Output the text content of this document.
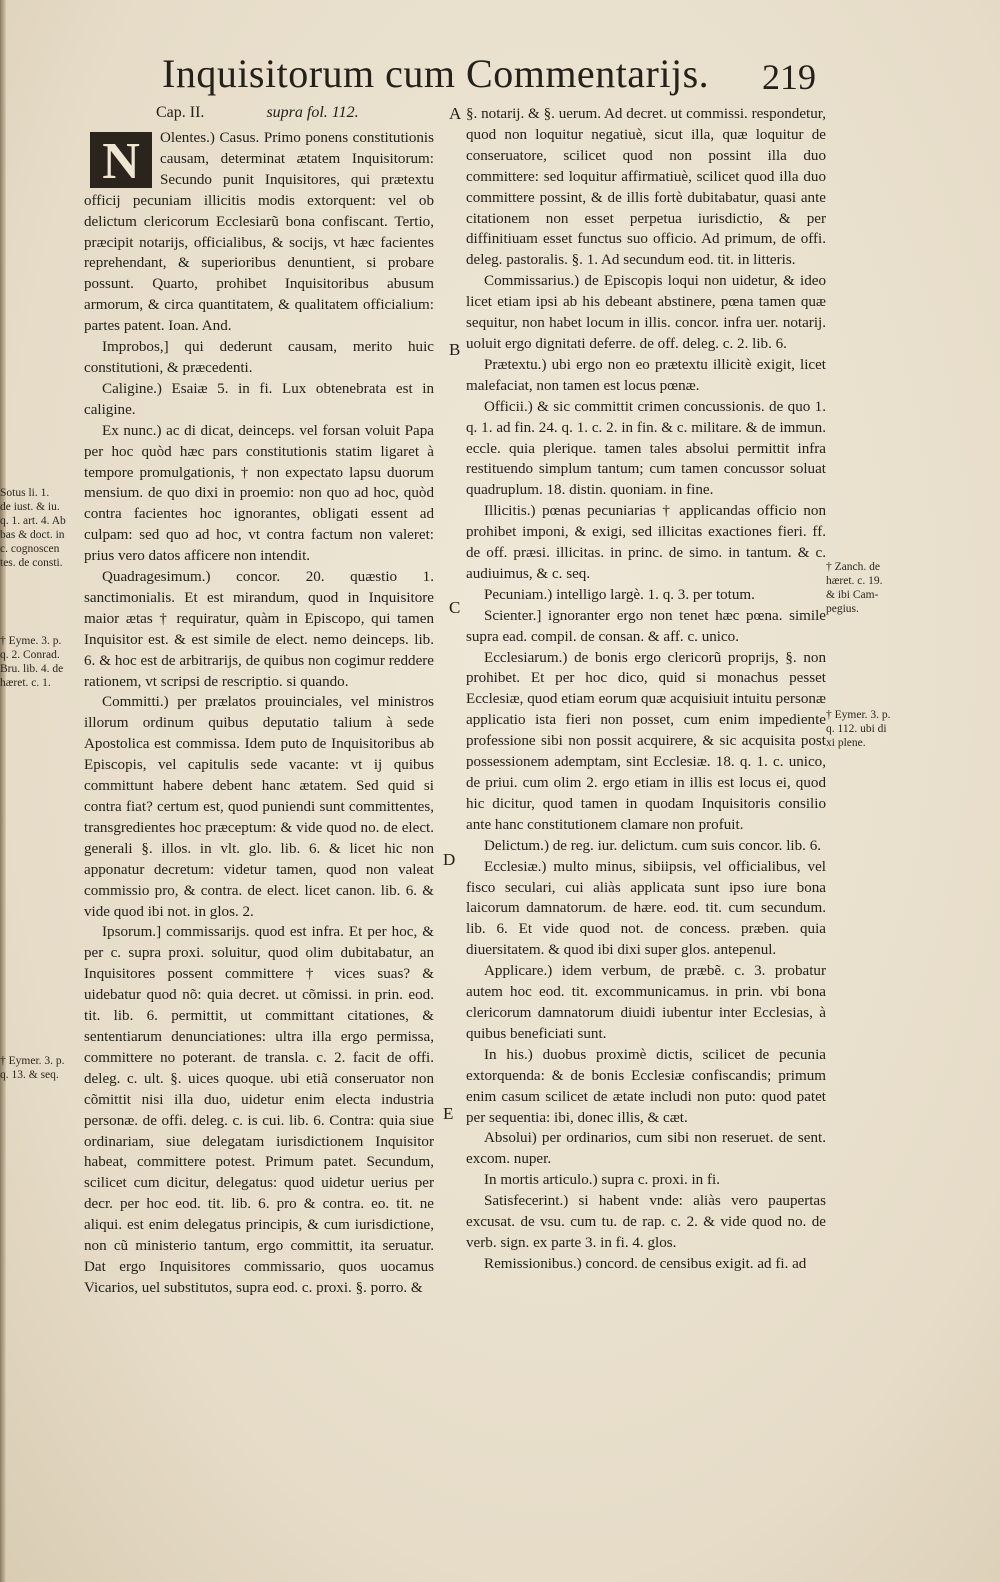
Inquisitorum cum Commentarijs. 219
Cap. II.	supra fol. 112.	A
B
C
D
E
N	Olentes.) Casus. Primo ponens constitutionis causam, determinat ætatem Inquisitorum: Secundo punit Inquisitores, qui prætextu officij pecuniam illicitis modis extorquent: vel ob delictum clericorum Ecclesiarũ bona confiscant. Tertio, præcipit notarijs, officialibus, & socijs, vt hæc facientes reprehendant, & superioribus denuntient, si probare possunt. Quarto, prohibet Inquisitoribus abusum armorum, & circa quantitatem, & qualitatem officialium: partes patent. Ioan. And.

Improbos,] qui dederunt causam, merito huic constitutioni, & præcedenti.

Caligine.) Esaiæ 5. in fi. Lux obtenebrata est in caligine.

Ex nunc.) ac di dicat, deinceps. vel forsan voluit Papa per hoc quòd hæc pars constitutionis statim ligaret à tempore promulgationis, † non expectato lapsu duorum mensium. de quo dixi in proemio: non quo ad hoc, quòd contra facientes hoc ignorantes, obligati essent ad culpam: sed quo ad hoc, vt contra factum non valeret: prius vero datos afficere non intendit.

Quadragesimum.) concor. 20. quæstio 1. sanctimonialis. Et est mirandum, quod in Inquisitore maior ætas † requiratur, quàm in Episcopo, qui tamen Inquisitor est. & est simile de elect. nemo deinceps. lib. 6. & hoc est de arbitrarijs, de quibus non cogimur reddere rationem, vt scripsi de rescriptio. si quando.

Committi.) per prælatos prouinciales, vel ministros illorum ordinum quibus deputatio talium à sede Apostolica est commissa. Idem puto de Inquisitoribus ab Episcopis, vel capitulis sede vacante: vt ij quibus committunt habere debent hanc ætatem. Sed quid si contra fiat? certum est, quod puniendi sunt committentes, transgredientes hoc præceptum: & vide quod no. de elect. generali §. illos. in vlt. glo. lib. 6. & licet hic non apponatur decretum: videtur tamen, quod non valeat commissio pro, & contra. de elect. licet canon. lib. 6. & vide quod ibi not. in glos. 2.

Ipsorum.] commissarijs. quod est infra. Et per hoc, & per c. supra proxi. soluitur, quod olim dubitabatur, an Inquisitores possent committere † vices suas? & uidebatur quod nõ: quia decret. ut cõmissi. in prin. eod. tit. lib. 6. permittit, ut committant citationes, & sententiarum denunciationes: ultra illa ergo permissa, committere no poterant. de transla. c. 2. facit de offi. deleg. c. ult. §. uices quoque. ubi etiã conseruator non cõmittit nisi illa duo, uidetur enim electa industria personæ. de offi. deleg. c. is cui. lib. 6. Contra: quia siue ordinariam, siue delegatam iurisdictionem Inquisitor habeat, committere potest. Primum patet. Secundum, scilicet cum dicitur, delegatus: quod uidetur uerius per decr. per hoc eod. tit. lib. 6. pro & contra. eo. tit. ne aliqui. est enim delegatus principis, & cum iurisdictione, non cũ ministerio tantum, ergo committit, ita seruatur. Dat ergo Inquisitores commissario, quos uocamus Vicarios, uel substitutos, supra eod. c. proxi. §. porro. &

§. notarij. & §. uerum. Ad decret. ut commissi. respondetur, quod non loquitur negatiuè, sicut illa, quæ loquitur de conseruatore, scilicet quod non possint illa duo committere: sed loquitur affirmatiuè, scilicet quod illa duo committere possint, & de illis fortè dubitabatur, quasi ante citationem non esset perpetua iurisdictio, & per diffinitiuam esset functus suo officio. Ad primum, de offi. deleg. pastoralis. §. 1. Ad secundum eod. tit. in litteris.

Commissarius.) de Episcopis loqui non uidetur, & ideo licet etiam ipsi ab his debeant abstinere, pœna tamen quæ sequitur, non habet locum in illis. concor. infra uer. notarij. uoluit ergo dignitati deferre. de off. deleg. c. 2. lib. 6.

Prætextu.) ubi ergo non eo prætextu illicitè exigit, licet malefaciat, non tamen est locus pœnæ.

Officii.) & sic committit crimen concussionis. de quo 1. q. 1. ad fin. 24. q. 1. c. 2. in fin. & c. militare. & de immun. eccle. quia plerique. tamen tales absolui permittit infra restituendo simplum tantum; cum tamen concussor soluat quadruplum. 18. distin. quoniam. in fine.

Illicitis.) pœnas pecuniarias † applicandas officio non prohibet imponi, & exigi, sed illicitas exactiones fieri. ff. de off. præsi. illicitas. in princ. de simo. in tantum. & c. audiuimus, & c. seq.

Pecuniam.) intelligo largè. 1. q. 3. per totum.

Scienter.] ignoranter ergo non tenet hæc pœna. simile supra ead. compil. de consan. & aff. c. unico.

Ecclesiarum.) de bonis ergo clericorũ proprijs, §. non prohibet. Et per hoc dico, quid si monachus pesset Ecclesiæ, quod etiam eorum quæ acquisiuit intuitu personæ applicatio ista fieri non posset, cum enim impediente professione sibi non possit acquirere, & sic acquisita post possessionem ademptam, sint Ecclesiæ. 18. q. 1. c. unico, de priui. cum olim 2. ergo etiam in illis est locus ei, quod hic dicitur, quod tamen in quodam Inquisitoris consilio ante hanc constitutionem clamare non profuit.

Delictum.) de reg. iur. delictum. cum suis concor. lib. 6.

Ecclesiæ.) multo minus, sibiipsis, vel officialibus, vel fisco seculari, cui aliàs applicata sunt ipso iure bona laicorum damnatorum. de hære. eod. tit. cum secundum. lib. 6. Et vide quod not. de concess. præben. quia diuersitatem. & quod ibi dixi super glos. antepenul.

Applicare.) idem verbum, de præbẽ. c. 3. probatur autem hoc eod. tit. excommunicamus. in prin. vbi bona clericorum damnatorum diuidi iubentur inter Ecclesias, à quibus beneficiati sunt.

In his.) duobus proximè dictis, scilicet de pecunia extorquenda: & de bonis Ecclesiæ confiscandis; primum enim casum scilicet de ætate includi non puto: quod patet per sequentia: ibi, donec illis, & cæt.

Absolui) per ordinarios, cum sibi non reseruet. de sent. excom. nuper.

In mortis articulo.) supra c. proxi. in fi.

Satisfecerint.) si habent vnde: aliàs vero paupertas excusat. de vsu. cum tu. de rap. c. 2. & vide quod no. de verb. sign. ex parte 3. in fi. 4. glos.

Remissionibus.) concord. de censibus exigit. ad fi. ad

Sotus li. 1.
de iust. & iu.
q. 1. art. 4. Ab
bas & doct. in
c. cognoscen
tes. de consti.
† Eyme. 3. p.
q. 2. Conrad.
Bru. lib. 4. de
hæret. c. 1.
† Eymer. 3. p.
q. 13. & seq.
† Zanch. de
hæret. c. 19.
& ibi Cam-
pegius.
† Eymer. 3. p.
q. 112. ubi di
xi plene.
